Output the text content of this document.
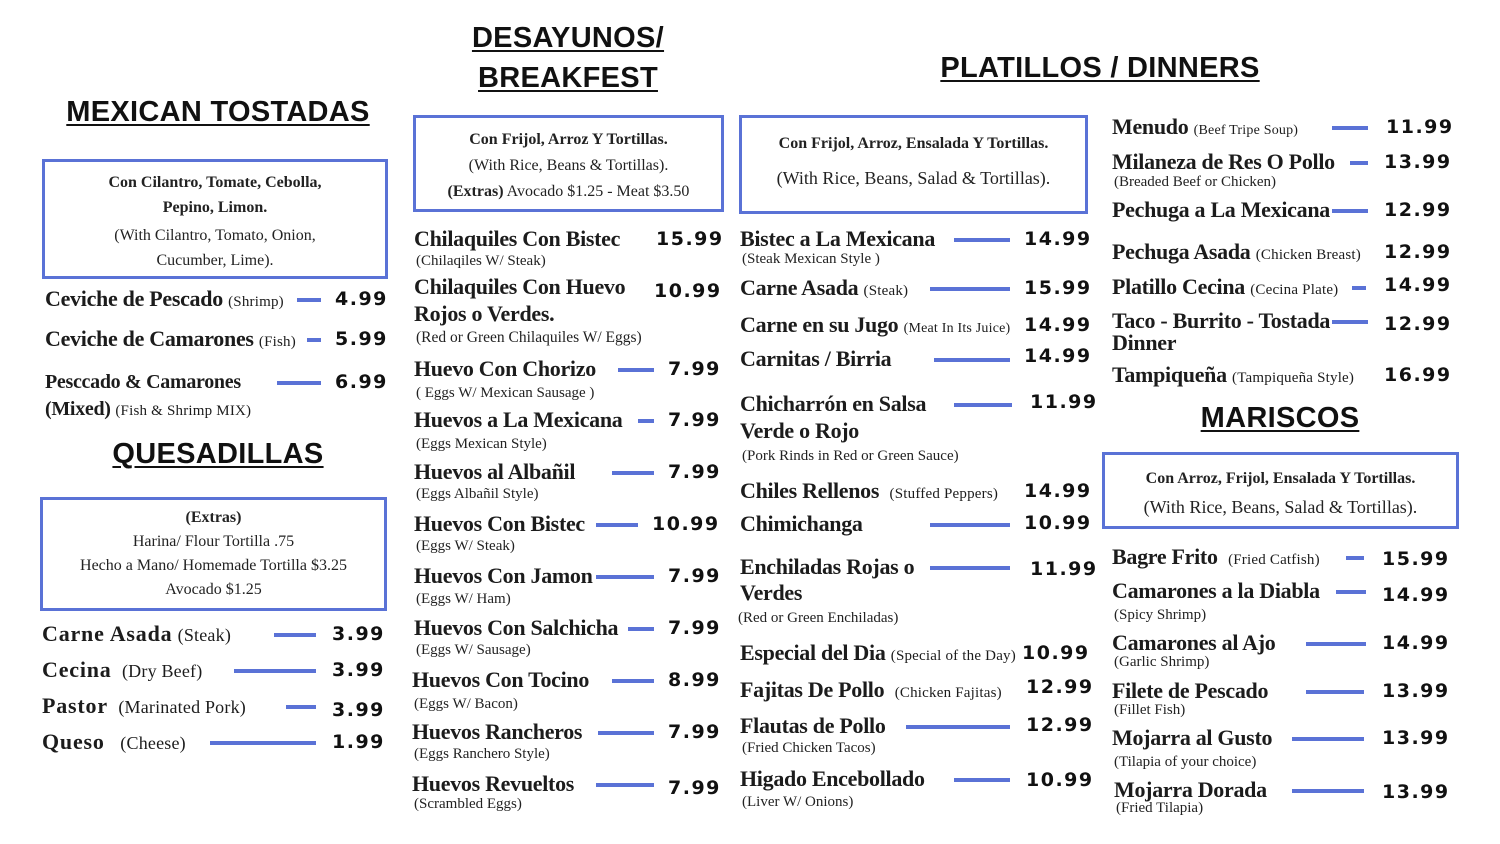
MEXICAN TOSTADAS
Con Cilantro, Tomate, Cebolla,
Pepino, Limon.
(With Cilantro, Tomato, Onion,
Cucumber, Lime).
Ceviche de Pescado (Shrimp)	4.99
Ceviche de Camarones (Fish) 5.99
Pesccado & Camarones
(Mixed) (Fish & Shrimp MIX)
6.99
QUESADILLAS
(Extras)
Harina/ Flour Tortilla .75
Hecho a Mano/ Homemade Tortilla $3.25
Avocado $1.25
Carne Asada (Steak)	3.99
Cecina (Dry Beef)	3.99
Pastor (Marinated Pork)	3.99
Queso (Cheese)	1.99
DESAYUNOS/
BREAKFEST
Con Frijol, Arroz Y Tortillas.
(With Rice, Beans & Tortillas).
(Extras) Avocado $1.25 - Meat $3.50
Chilaquiles Con Bistec
(Chilaqiles W/ Steak)
15.99
Chilaquiles Con Huevo
Rojos o Verdes.
(Red or Green Chilaquiles W/ Eggs)
10.99
Huevo Con Chorizo
( Eggs W/ Mexican Sausage )
7.99
Huevos a La Mexicana
(Eggs Mexican Style)
7.99
Huevos al Albañil
(Eggs Albañil Style)
7.99
Huevos Con Bistec
(Eggs W/ Steak)
10.99
Huevos Con Jamon
(Eggs W/ Ham)
7.99
Huevos Con Salchicha
(Eggs W/ Sausage)
7.99
Huevos Con Tocino
(Eggs W/ Bacon)
8.99
Huevos Rancheros
(Eggs Ranchero Style)
7.99
Huevos Revueltos
(Scrambled Eggs)
7.99
PLATILLOS / DINNERS
Con Frijol, Arroz, Ensalada Y Tortillas.
(With Rice, Beans, Salad & Tortillas).
Bistec a La Mexicana
(Steak Mexican Style )
14.99
Carne Asada (Steak)	15.99
Carne en su Jugo (Meat In Its Juice) 14.99
Carnitas / Birria	14.99
Chicharrón en Salsa
Verde o Rojo
(Pork Rinds in Red or Green Sauce)
11.99
Chiles Rellenos (Stuffed Peppers) 14.99
Chimichanga	10.99
Enchiladas Rojas o
Verdes
(Red or Green Enchiladas)
11.99
Especial del Dia (Special of the Day) 10.99
Fajitas De Pollo (Chicken Fajitas) 12.99
Flautas de Pollo
(Fried Chicken Tacos)
12.99
Higado Encebollado
(Liver W/ Onions)
10.99
Menudo (Beef Tripe Soup)	11.99
Milaneza de Res O Pollo
(Breaded Beef or Chicken)
13.99
Pechuga a La Mexicana	12.99
Pechuga Asada (Chicken Breast) 12.99
Platillo Cecina (Cecina Plate) 14.99
Taco - Burrito - Tostada
Dinner
12.99
Tampiqueña (Tampiqueña Style) 16.99
MARISCOS
Con Arroz, Frijol, Ensalada Y Tortillas.
(With Rice, Beans, Salad & Tortillas).
Bagre Frito (Fried Catfish)	15.99
Camarones a la Diabla
(Spicy Shrimp)
14.99
Camarones al Ajo
(Garlic Shrimp)
14.99
Filete de Pescado
(Fillet Fish)
13.99
Mojarra al Gusto
(Tilapia of your choice)
13.99
Mojarra Dorada
(Fried Tilapia)
13.99
